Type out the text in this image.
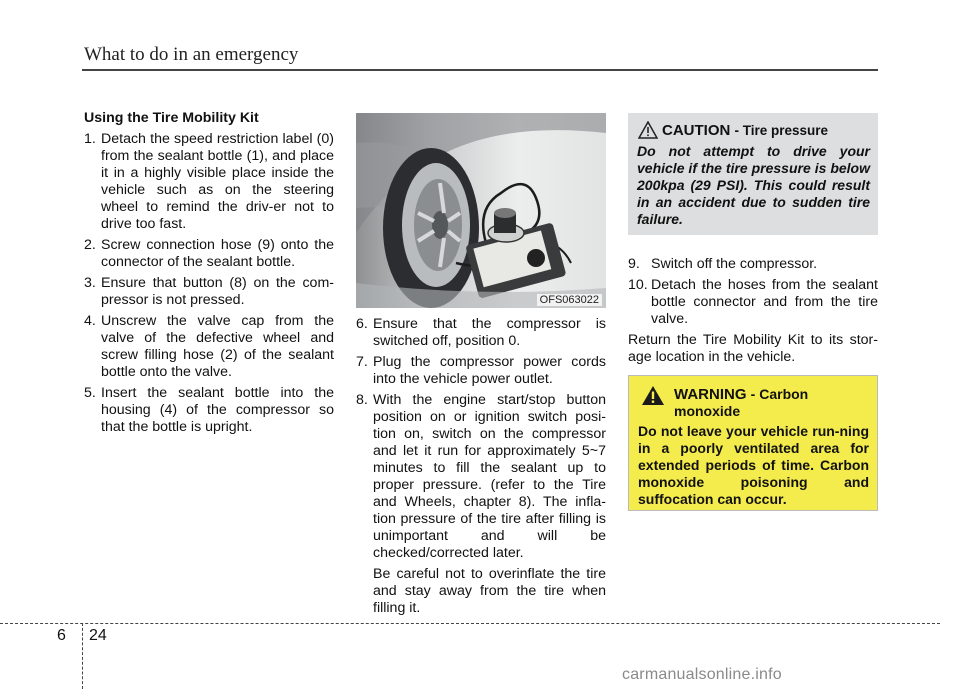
What to do in an emergency
Using the Tire Mobility Kit
1. Detach the speed restriction label (0) from the sealant bottle (1), and place it in a highly visible place inside the vehicle such as on the steering wheel to remind the driv-er not to drive too fast.
2. Screw connection hose (9) onto the connector of the sealant bottle.
3. Ensure that button (8) on the com-pressor is not pressed.
4. Unscrew the valve cap from the valve of the defective wheel and screw filling hose (2) of the sealant bottle onto the valve.
5. Insert the sealant bottle into the housing (4) of the compressor so that the bottle is upright.
OFS063022
6. Ensure that the compressor is switched off, position 0.
7. Plug the compressor power cords into the vehicle power outlet.
8. With the engine start/stop button position on or ignition switch posi-tion on, switch on the compressor and let it run for approximately 5~7 minutes to fill the sealant up to proper pressure. (refer to the Tire and Wheels, chapter 8). The infla-tion pressure of the tire after filling is unimportant and will be checked/corrected later.

Be careful not to overinflate the tire and stay away from the tire when filling it.

CAUTION - Tire pressure
Do not attempt to drive your vehicle if the tire pressure is below 200kpa (29 PSI). This could result in an accident due to sudden tire failure.
9. Switch off the compressor.
10. Detach the hoses from the sealant bottle connector and from the tire valve.

Return the Tire Mobility Kit to its stor-age location in the vehicle.

WARNING - Carbon monoxide
Do not leave your vehicle run-ning in a poorly ventilated area for extended periods of time. Carbon monoxide poisoning and suffocation can occur.
6 24
carmanualsonline.info
